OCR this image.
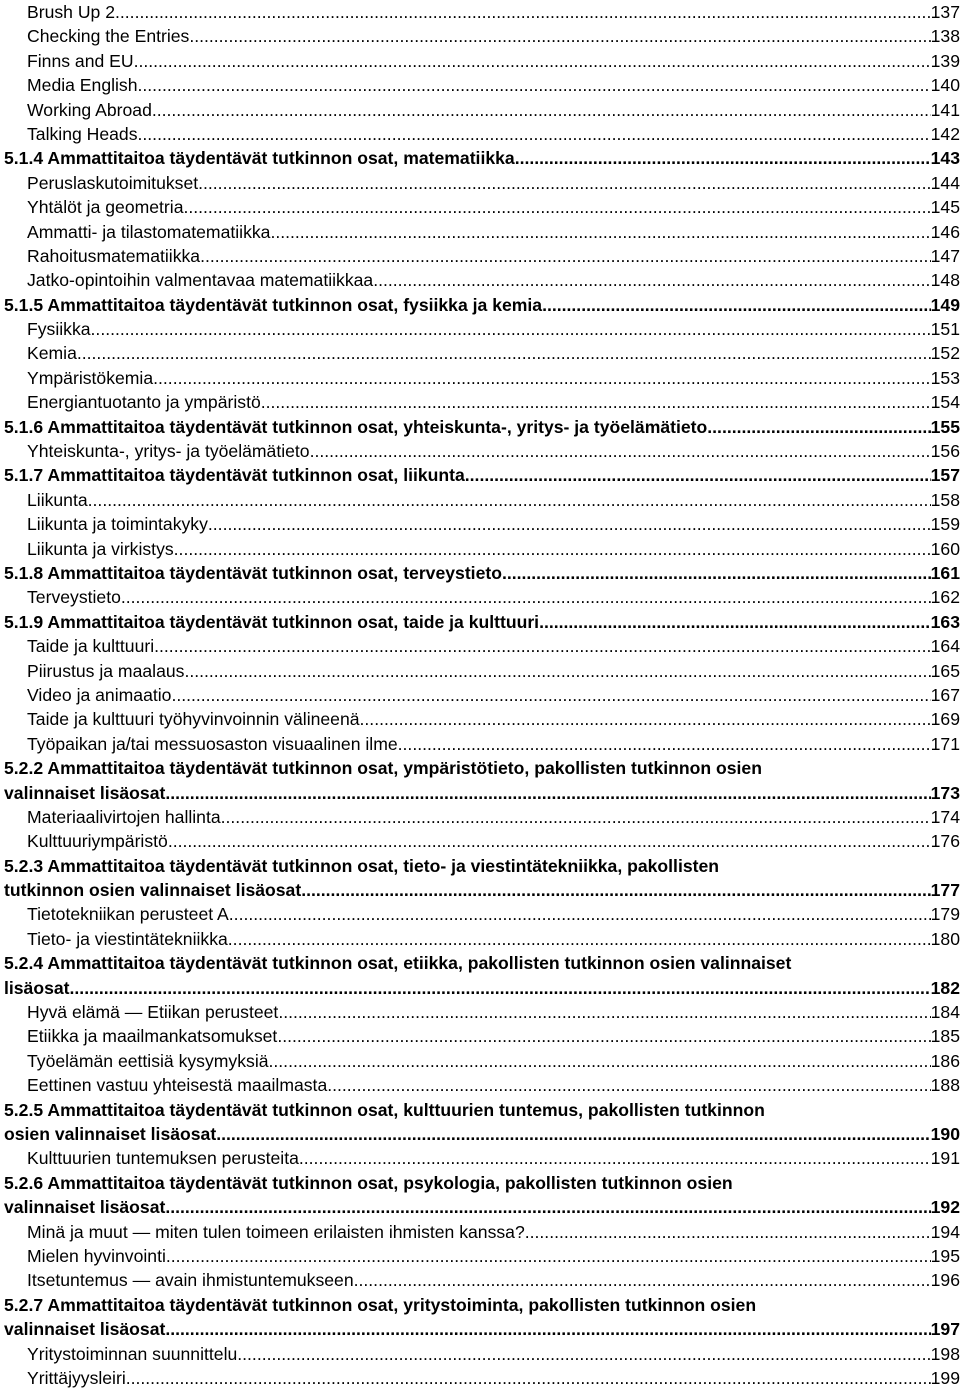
Brush Up 2 .....	137
Checking the Entries .....	138
Finns and EU .....	139
Media English .....	140
Working Abroad .....	141
Talking Heads .....	142
5.1.4 Ammattitaitoa täydentävät tutkinnon osat, matematiikka .....	143
Peruslaskutoimitukset .....	144
Yhtälöt ja geometria .....	145
Ammatti- ja tilastomatematiikka .....	146
Rahoitusmatematiikka .....	147
Jatko-opintoihin valmentavaa matematiikkaa .....	148
5.1.5 Ammattitaitoa täydentävät tutkinnon osat, fysiikka ja kemia .....	149
Fysiikka .....	151
Kemia .....	152
Ympäristökemia .....	153
Energiantuotanto ja ympäristö .....	154
5.1.6 Ammattitaitoa täydentävät tutkinnon osat, yhteiskunta-, yritys- ja työelämätieto .....	155
Yhteiskunta-, yritys- ja työelämätieto .....	156
5.1.7 Ammattitaitoa täydentävät tutkinnon osat, liikunta .....	157
Liikunta .....	158
Liikunta ja toimintakyky .....	159
Liikunta ja virkistys .....	160
5.1.8 Ammattitaitoa täydentävät tutkinnon osat, terveystieto .....	161
Terveystieto .....	162
5.1.9 Ammattitaitoa täydentävät tutkinnon osat, taide ja kulttuuri .....	163
Taide ja kulttuuri .....	164
Piirustus ja maalaus .....	165
Video ja animaatio .....	167
Taide ja kulttuuri työhyvinvoinnin välineenä .....	169
Työpaikan ja/tai messuosaston visuaalinen ilme .....	171
5.2.2 Ammattitaitoa täydentävät tutkinnon osat, ympäristötieto, pakollisten tutkinnon osien
valinnaiset lisäosat .....	173
Materiaalivirtojen hallinta .....	174
Kulttuuriympäristö .....	176
5.2.3 Ammattitaitoa täydentävät tutkinnon osat, tieto- ja viestintätekniikka, pakollisten
tutkinnon osien valinnaiset lisäosat .....	177
Tietotekniikan perusteet A .....	179
Tieto- ja viestintätekniikka .....	180
5.2.4 Ammattitaitoa täydentävät tutkinnon osat, etiikka, pakollisten tutkinnon osien valinnaiset
lisäosat .....	182
Hyvä elämä — Etiikan perusteet .....	184
Etiikka ja maailmankatsomukset .....	185
Työelämän eettisiä kysymyksiä .....	186
Eettinen vastuu yhteisestä maailmasta .....	188
5.2.5 Ammattitaitoa täydentävät tutkinnon osat, kulttuurien tuntemus, pakollisten tutkinnon
osien valinnaiset lisäosat .....	190
Kulttuurien tuntemuksen perusteita .....	191
5.2.6 Ammattitaitoa täydentävät tutkinnon osat, psykologia, pakollisten tutkinnon osien
valinnaiset lisäosat .....	192
Minä ja muut — miten tulen toimeen erilaisten ihmisten kanssa? .....	194
Mielen hyvinvointi .....	195
Itsetuntemus — avain ihmistuntemukseen .....	196
5.2.7 Ammattitaitoa täydentävät tutkinnon osat, yritystoiminta, pakollisten tutkinnon osien
valinnaiset lisäosat .....	197
Yritystoiminnan suunnittelu .....	198
Yrittäjyysleiri .....	199
